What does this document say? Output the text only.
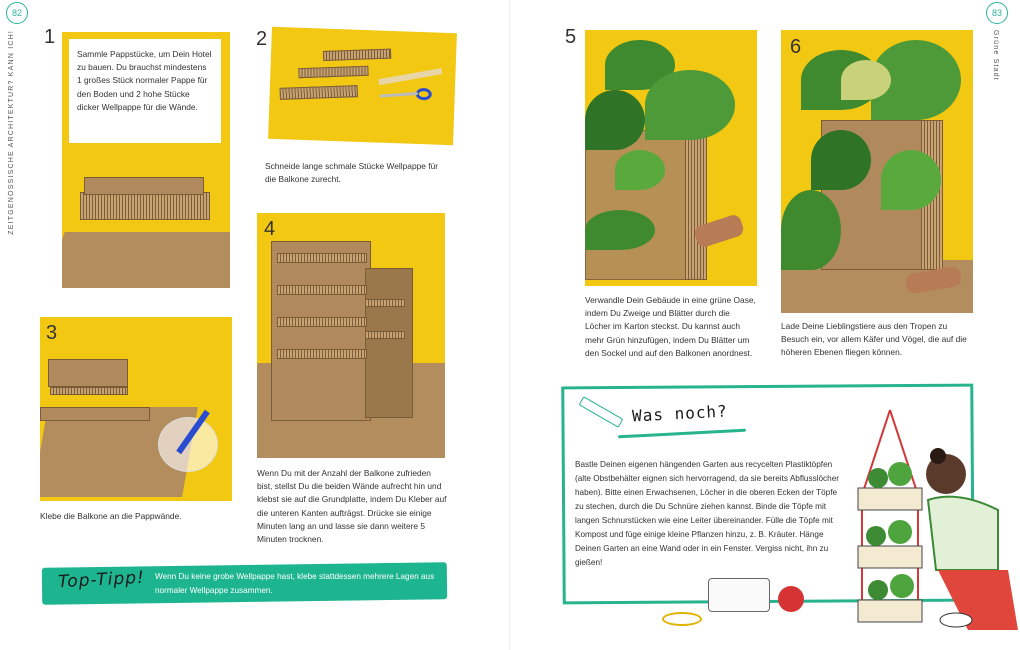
82
ZEITGENÖSSISCHE ARCHITEKTUR? KANN ICH! 1
Sammle Pappstücke, um Dein Hotel zu bauen. Du brauchst mindestens 1 großes Stück normaler Pappe für den Boden und 2 hohe Stücke dicker Wellpappe für die Wände.
2
Schneide lange schmale Stücke Wellpappe für die Balkone zurecht.
3
Klebe die Balkone an die Pappwände.
4
Wenn Du mit der Anzahl der Balkone zufrieden bist, stellst Du die beiden Wände aufrecht hin und klebst sie auf die Grundplatte, indem Du Kleber auf die unteren Kanten aufträgst. Drücke sie einige Minuten lang an und lasse sie dann weitere 5 Minuten trocknen.
Top-Tipp! Wenn Du keine grobe Wellpappe hast, klebe stattdessen mehrere Lagen aus normaler Wellpappe zusammen.
83
Grüne Stadt
5
Verwandle Dein Gebäude in eine grüne Oase, indem Du Zweige und Blätter durch die Löcher im Karton steckst. Du kannst auch mehr Grün hinzufügen, indem Du Blätter um den Sockel und auf den Balkonen anordnest.
6
Lade Deine Lieblingstiere aus den Tropen zu Besuch ein, vor allem Käfer und Vögel, die auf die höheren Ebenen fliegen können.
Was noch?
Bastle Deinen eigenen hängenden Garten aus recycelten Plastiktöpfen (alte Obstbehälter eignen sich hervorragend, da sie bereits Abflusslöcher haben). Bitte einen Erwachsenen, Löcher in die oberen Ecken der Töpfe zu stechen, durch die Du Schnüre ziehen kannst. Binde die Töpfe mit langen Schnurstücken wie eine Leiter übereinander. Fülle die Töpfe mit Kompost und füge einige kleine Pflanzen hinzu, z. B. Kräuter. Hänge Deinen Garten an eine Wand oder in ein Fenster. Vergiss nicht, ihn zu gießen!
